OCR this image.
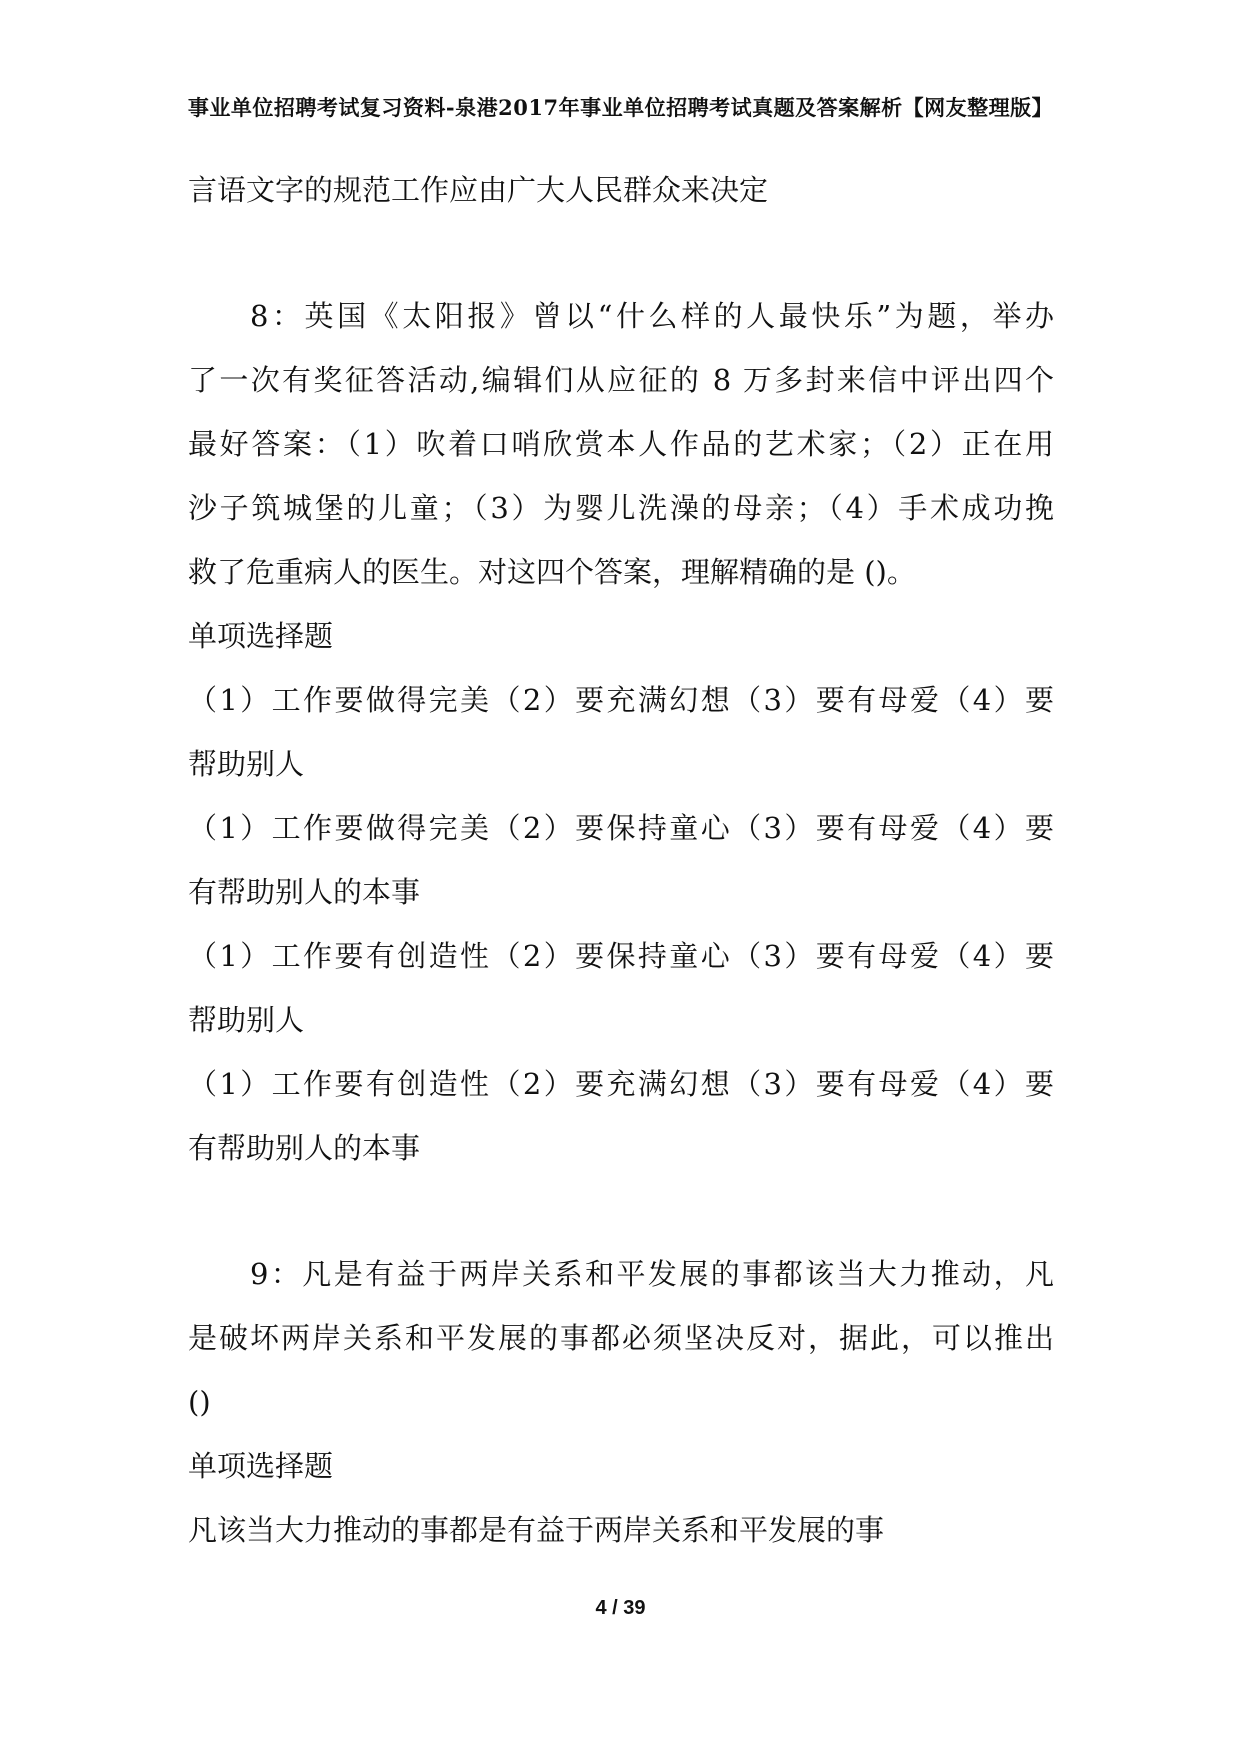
事业单位招聘考试复习资料-泉港2017年事业单位招聘考试真题及答案解析【网友整理版】
言语文字的规范工作应由广大人民群众来决定
8：英国《太阳报》曾以“什么样的人最快乐”为题，举办
了一次有奖征答活动,编辑们从应征的 8 万多封来信中评出四个
最好答案：（1）吹着口哨欣赏本人作品的艺术家；（2）正在用
沙子筑城堡的儿童；（3）为婴儿洗澡的母亲；（4）手术成功挽
救了危重病人的医生。对这四个答案，理解精确的是 ()。
单项选择题
（1）工作要做得完美（2）要充满幻想（3）要有母爱（4）要
帮助别人
（1）工作要做得完美（2）要保持童心（3）要有母爱（4）要
有帮助别人的本事
（1）工作要有创造性（2）要保持童心（3）要有母爱（4）要
帮助别人
（1）工作要有创造性（2）要充满幻想（3）要有母爱（4）要
有帮助别人的本事
9：凡是有益于两岸关系和平发展的事都该当大力推动，凡
是破坏两岸关系和平发展的事都必须坚决反对，据此，可以推出
()
单项选择题
凡该当大力推动的事都是有益于两岸关系和平发展的事
4 / 39
